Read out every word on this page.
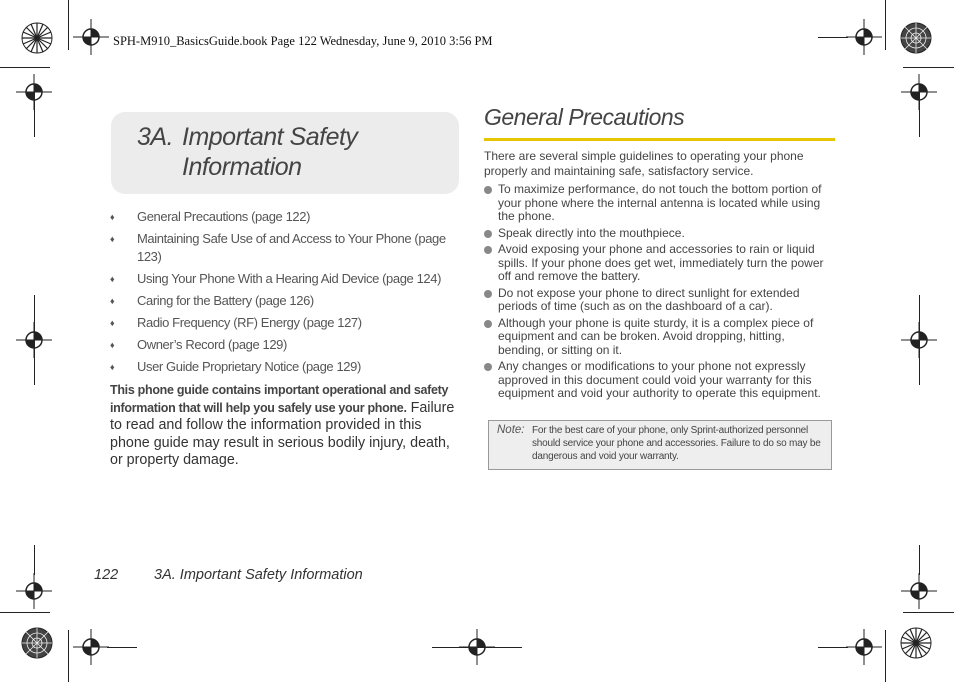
SPH-M910_BasicsGuide.book Page 122 Wednesday, June 9, 2010 3:56 PM
3A. Important Safety
Information
♦ General Precautions (page 122)
♦ Maintaining Safe Use of and Access to Your Phone (page 123)
♦ Using Your Phone With a Hearing Aid Device (page 124)
♦ Caring for the Battery (page 126)
♦ Radio Frequency (RF) Energy (page 127)
♦ Owner’s Record (page 129)
♦ User Guide Proprietary Notice (page 129)
This phone guide contains important operational and safety information that will help you safely use your phone. Failure to read and follow the information provided in this phone guide may result in serious bodily injury, death, or property damage.
General Precautions
There are several simple guidelines to operating your phone properly and maintaining safe, satisfactory service.
To maximize performance, do not touch the bottom portion of your phone where the internal antenna is located while using the phone.
Speak directly into the mouthpiece.
Avoid exposing your phone and accessories to rain or liquid spills. If your phone does get wet, immediately turn the power off and remove the battery.
Do not expose your phone to direct sunlight for extended periods of time (such as on the dashboard of a car).
Although your phone is quite sturdy, it is a complex piece of equipment and can be broken. Avoid dropping, hitting, bending, or sitting on it.
Any changes or modifications to your phone not expressly approved in this document could void your warranty for this equipment and void your authority to operate this equipment.
Note: For the best care of your phone, only Sprint-authorized personnel should service your phone and accessories. Failure to do so may be dangerous and void your warranty.
122 3A. Important Safety Information
